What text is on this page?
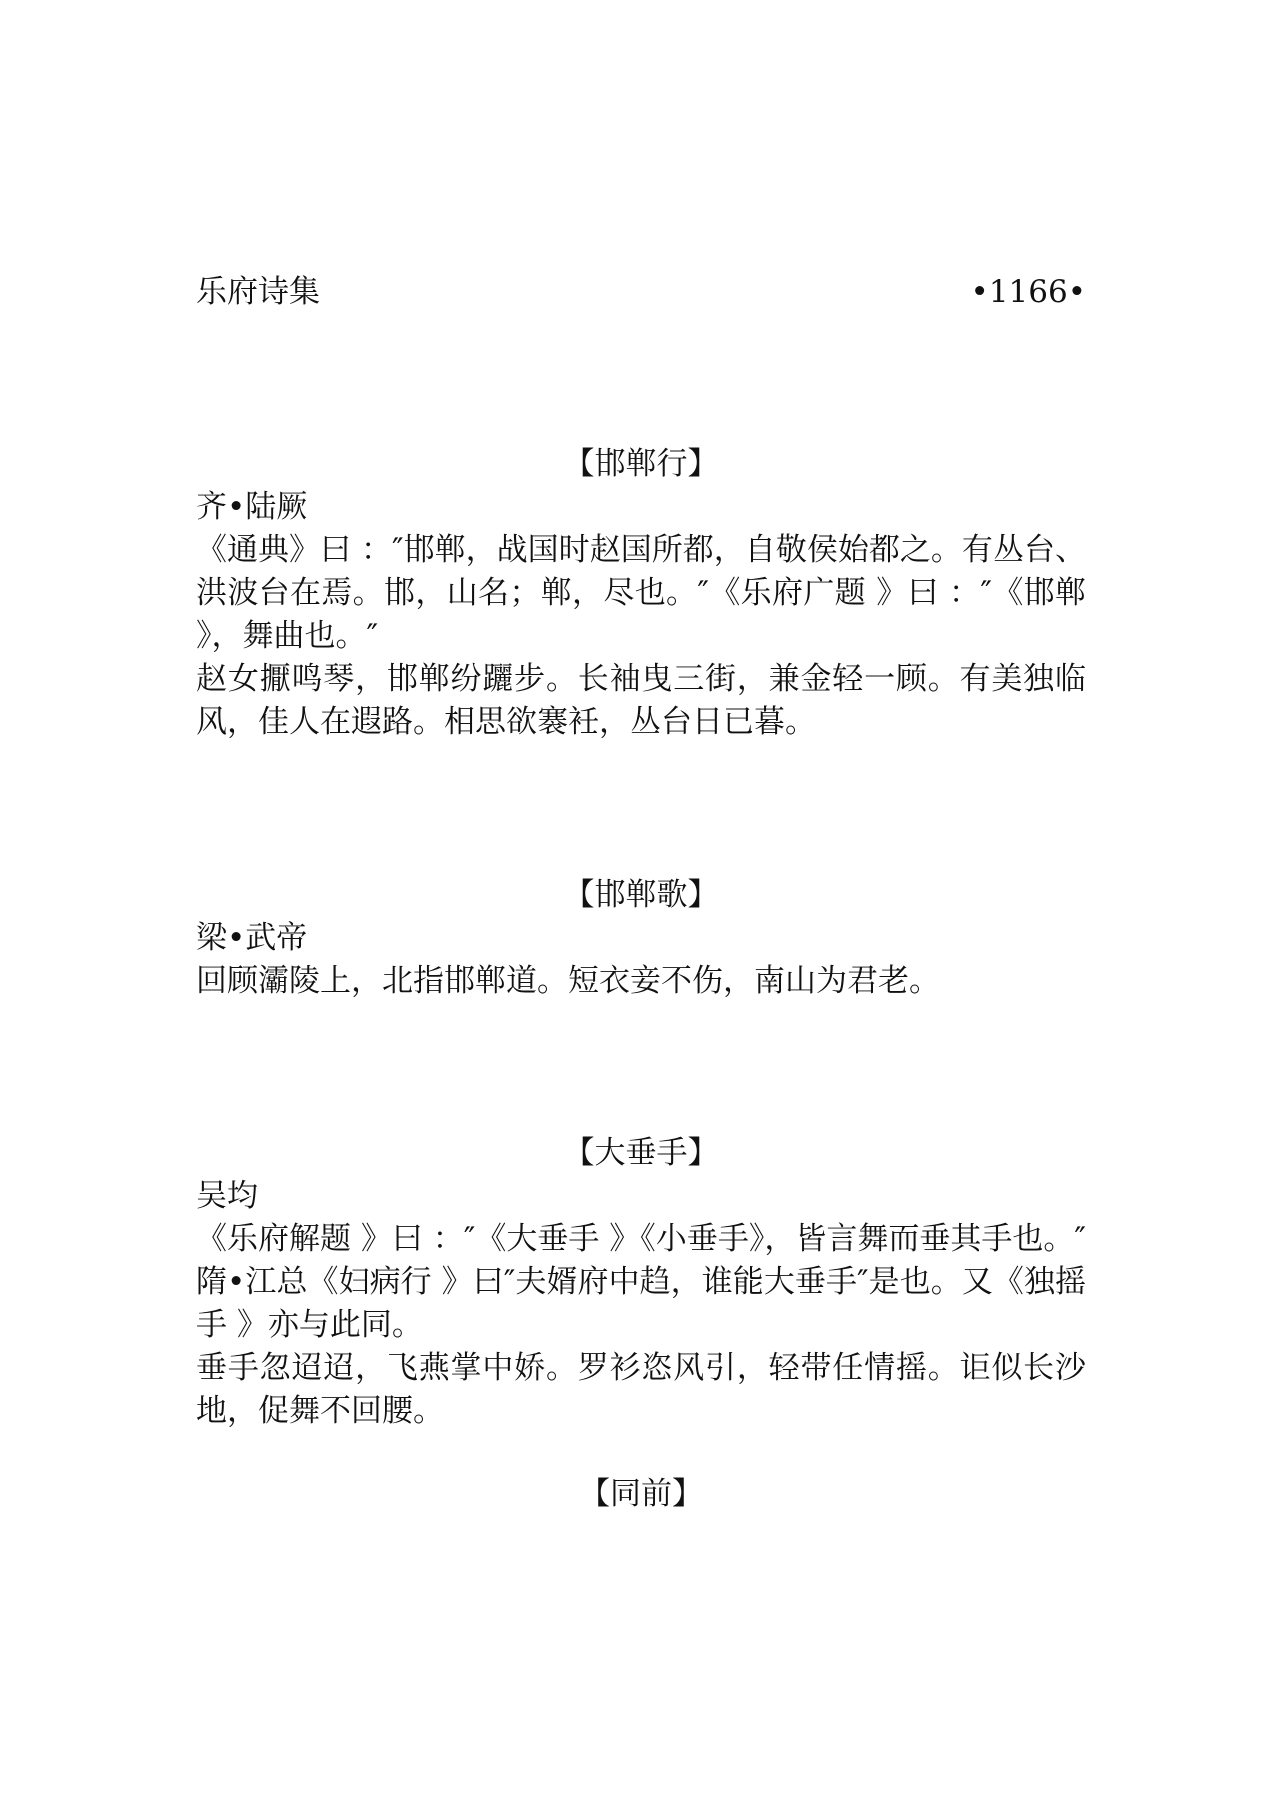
乐府诗集	•1166•
【邯郸行】

齐•陆厥

《通典》曰 ：″邯郸，战国时赵国所都，自敬侯始都之。有丛台、洪波台在焉。邯，山名；郸，尽也。″《乐府广题 》曰 ：″《邯郸 》，舞曲也。″

赵女擫鸣琴，邯郸纷躧步。长袖曳三街，兼金轻一顾。有美独临风，佳人在遐路。相思欲褰衽，丛台日已暮。

【邯郸歌】

梁•武帝

回顾灞陵上，北指邯郸道。短衣妾不伤，南山为君老。

【大垂手】

吴均

《乐府解题 》曰 ：″《大垂手 》《小垂手》，皆言舞而垂其手也。″隋•江总《妇病行 》曰″夫婿府中趋，谁能大垂手″是也。又《独摇手 》亦与此同。

垂手忽迢迢，飞燕掌中娇。罗衫恣风引，轻带任情摇。讵似长沙地，促舞不回腰。

【同前】
